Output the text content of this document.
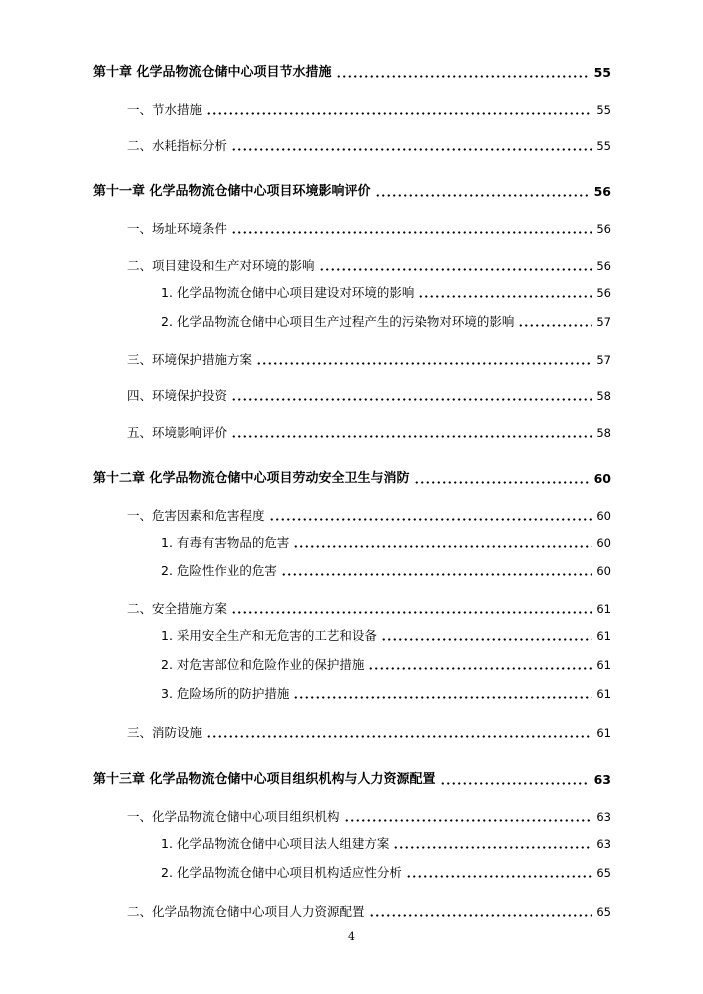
第十章 化学品物流仓储中心项目节水措施	55
一、节水措施	55
二、水耗指标分析	55
第十一章 化学品物流仓储中心项目环境影响评价	56
一、场址环境条件	56
二、项目建设和生产对环境的影响	56
1. 化学品物流仓储中心项目建设对环境的影响	56
2. 化学品物流仓储中心项目生产过程产生的污染物对环境的影响	57
三、环境保护措施方案	57
四、环境保护投资	58
五、环境影响评价	58
第十二章 化学品物流仓储中心项目劳动安全卫生与消防	60
一、危害因素和危害程度	60
1. 有毒有害物品的危害	60
2. 危险性作业的危害	60
二、安全措施方案	61
1. 采用安全生产和无危害的工艺和设备	61
2. 对危害部位和危险作业的保护措施	61
3. 危险场所的防护措施	61
三、消防设施	61
第十三章 化学品物流仓储中心项目组织机构与人力资源配置	63
一、化学品物流仓储中心项目组织机构	63
1. 化学品物流仓储中心项目法人组建方案	63
2. 化学品物流仓储中心项目机构适应性分析	65
二、化学品物流仓储中心项目人力资源配置	65
4
